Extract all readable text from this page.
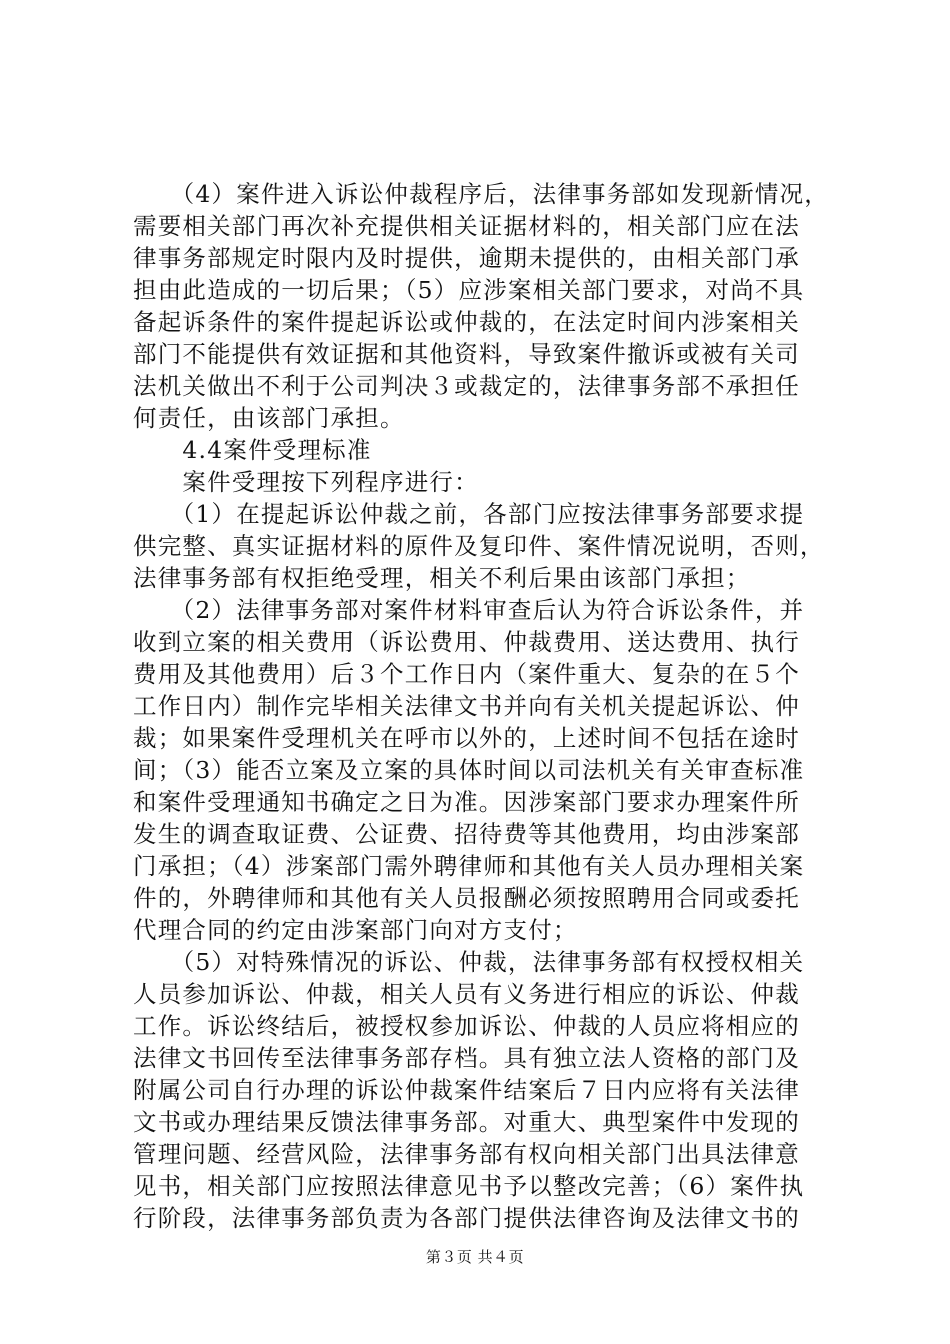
　　（4）案件进入诉讼仲裁程序后，法律事务部如发现新情况，
需要相关部门再次补充提供相关证据材料的，相关部门应在法
律事务部规定时限内及时提供，逾期未提供的，由相关部门承
担由此造成的一切后果；（5）应涉案相关部门要求，对尚不具
备起诉条件的案件提起诉讼或仲裁的，在法定时间内涉案相关
部门不能提供有效证据和其他资料，导致案件撤诉或被有关司
法机关做出不利于公司判决３或裁定的，法律事务部不承担任
何责任，由该部门承担。
　　4.4案件受理标准
　　案件受理按下列程序进行：
　　（1）在提起诉讼仲裁之前，各部门应按法律事务部要求提
供完整、真实证据材料的原件及复印件、案件情况说明，否则，
法律事务部有权拒绝受理，相关不利后果由该部门承担；
　　（2）法律事务部对案件材料审查后认为符合诉讼条件，并
收到立案的相关费用（诉讼费用、仲裁费用、送达费用、执行
费用及其他费用）后３个工作日内（案件重大、复杂的在５个
工作日内）制作完毕相关法律文书并向有关机关提起诉讼、仲
裁；如果案件受理机关在呼市以外的，上述时间不包括在途时
间；（3）能否立案及立案的具体时间以司法机关有关审查标准
和案件受理通知书确定之日为准。因涉案部门要求办理案件所
发生的调查取证费、公证费、招待费等其他费用，均由涉案部
门承担；（4）涉案部门需外聘律师和其他有关人员办理相关案
件的，外聘律师和其他有关人员报酬必须按照聘用合同或委托
代理合同的约定由涉案部门向对方支付；
　　（5）对特殊情况的诉讼、仲裁，法律事务部有权授权相关
人员参加诉讼、仲裁，相关人员有义务进行相应的诉讼、仲裁
工作。诉讼终结后，被授权参加诉讼、仲裁的人员应将相应的
法律文书回传至法律事务部存档。具有独立法人资格的部门及
附属公司自行办理的诉讼仲裁案件结案后７日内应将有关法律
文书或办理结果反馈法律事务部。对重大、典型案件中发现的
管理问题、经营风险，法律事务部有权向相关部门出具法律意
见书，相关部门应按照法律意见书予以整改完善；（6）案件执
行阶段，法律事务部负责为各部门提供法律咨询及法律文书的
第３页 共４页
